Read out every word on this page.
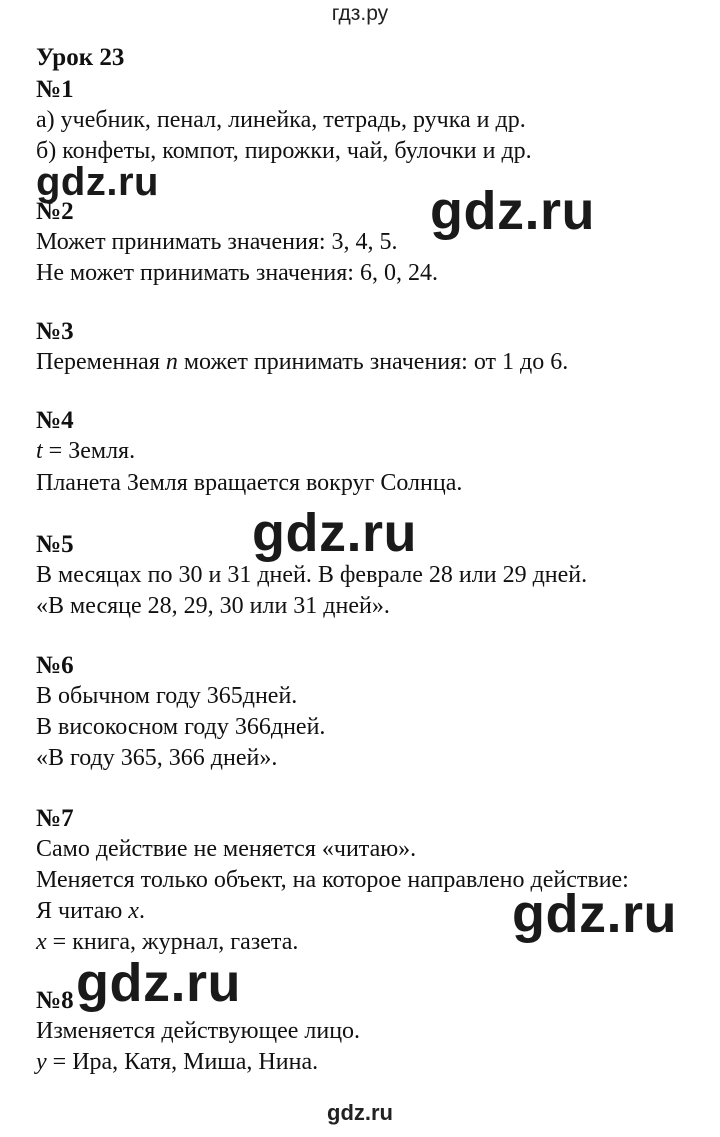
гдз.ру
Урок 23
№1
а) учебник, пенал, линейка, тетрадь, ручка и др.
б) конфеты, компот, пирожки, чай, булочки и др.
gdz.ru	gdz.ru
№2
Может принимать значения: 3, 4, 5.
Не может принимать значения: 6, 0, 24.
№3
Переменная n может принимать значения: от 1 до 6.
№4
t = Земля.
Планета Земля вращается вокруг Солнца.
gdz.ru
№5
В месяцах по 30 и 31 дней. В феврале 28 или 29 дней.
«В месяце 28, 29, 30 или 31 дней».
№6
В обычном году 365дней.
В високосном году 366дней.
«В году 365, 366 дней».
№7
Само действие не меняется «читаю».
Меняется только объект, на которое направлено действие:
Я читаю x.
x = книга, журнал, газета.	gdz.ru
gdz.ru
№8
Изменяется действующее лицо.
y = Ира, Катя, Миша, Нина.
gdz.ru
